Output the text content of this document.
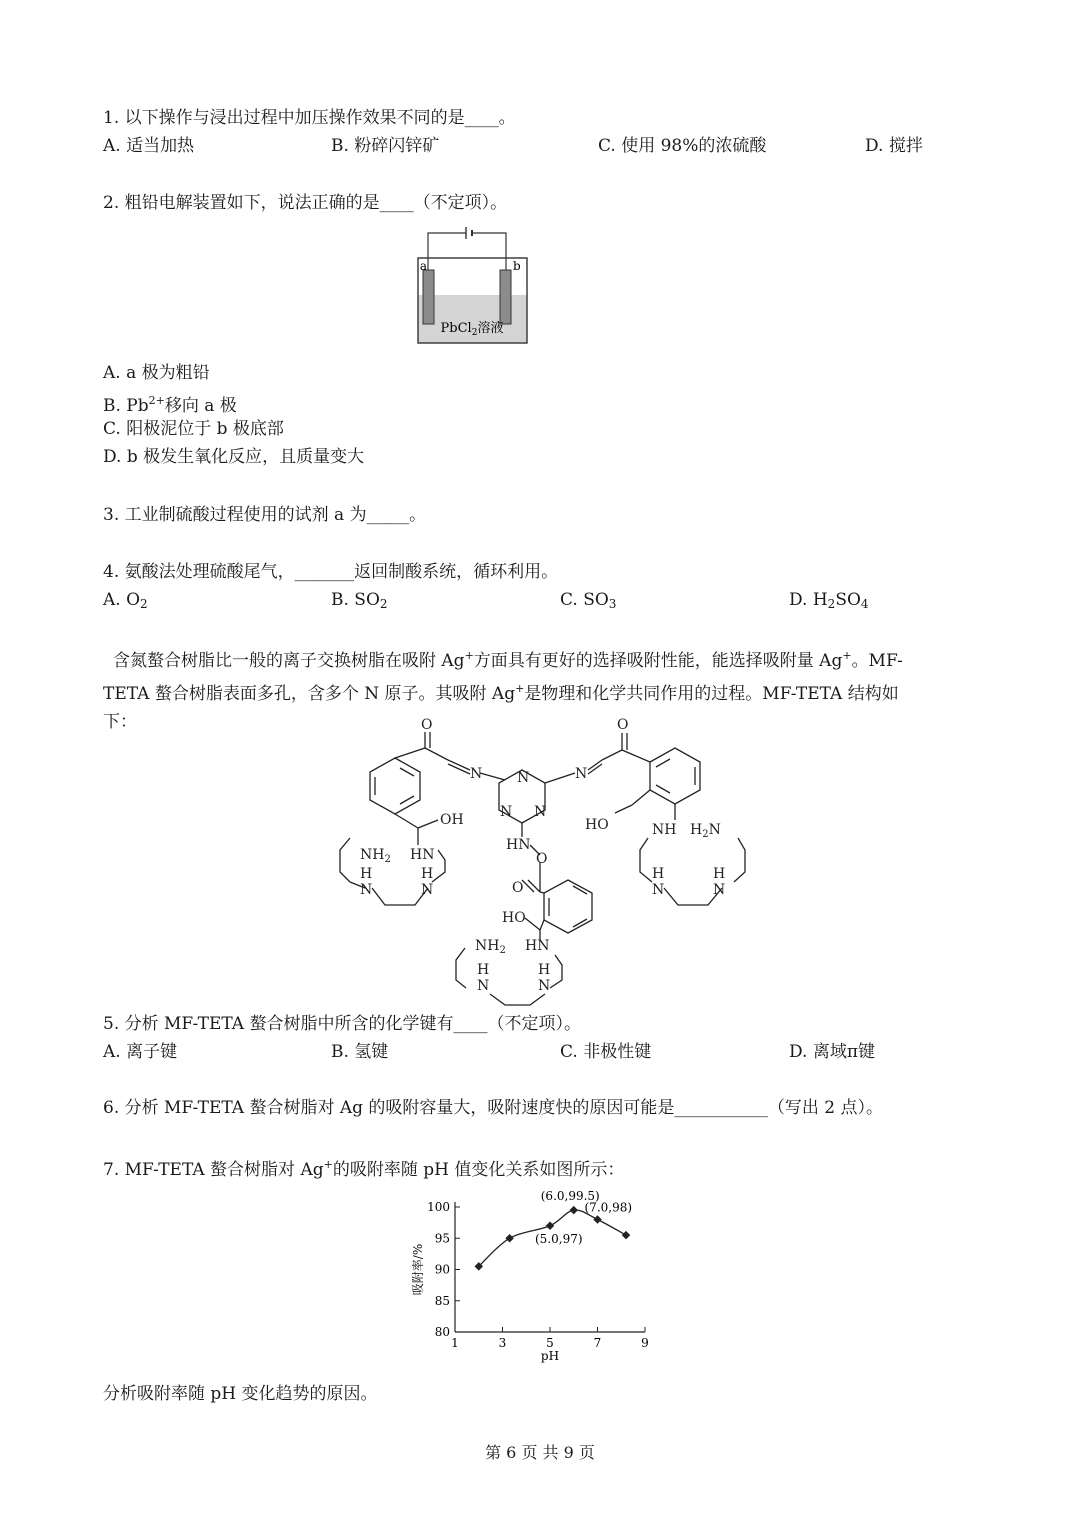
1. 以下操作与浸出过程中加压操作效果不同的是____。
A. 适当加热	B. 粉碎闪锌矿	C. 使用 98%的浓硫酸	D. 搅拌
2. 粗铅电解装置如下，说法正确的是____（不定项）。
a	b
PbCl$_2$溶液
A. a 极为粗铅
B. $Pb^{2+}$移向 a 极
C. 阳极泥位于 b 极底部
D. b 极发生氧化反应，且质量变大
3. 工业制硫酸过程使用的试剂 a 为_____。
4. 氨酸法处理硫酸尾气，_______返回制酸系统，循环利用。
A. $O_2$	B. $SO_2$	C. $SO_3$	D. $H_2SO_4$
含氮螯合树脂比一般的离子交换树脂在吸附 Ag+方面具有更好的选择吸附性能，能选择吸附量 Ag+。MF-
TETA 螯合树脂表面多孔，含多个 N 原子。其吸附 Ag+是物理和化学共同作用的过程。MF-TETA 结构如
下：	O	O
N	N
N
N N
OH	HO
$NH_2$ HN
H
N
H
N
NH $H_2N$
H
N
H
N
HN
O
O
HO
$NH_2$ HN
H
N
H
N
5. 分析 MF-TETA 螯合树脂中所含的化学键有____（不定项）。
A. 离子键	B. 氢键	C. 非极性键	D. 离域π键
6. 分析 MF-TETA 螯合树脂对 Ag 的吸附容量大，吸附速度快的原因可能是___________（写出 2 点）。
7. MF-TETA 螯合树脂对 Ag+的吸附率随 pH 值变化关系如图所示：
80
85
90
95
100
1	3	5	7	9
(6.0,99.5)
(5.0,97)
(7.0,98)
pH
吸附率/%
分析吸附率随 pH 变化趋势的原因。
第 6 页 共 9 页
